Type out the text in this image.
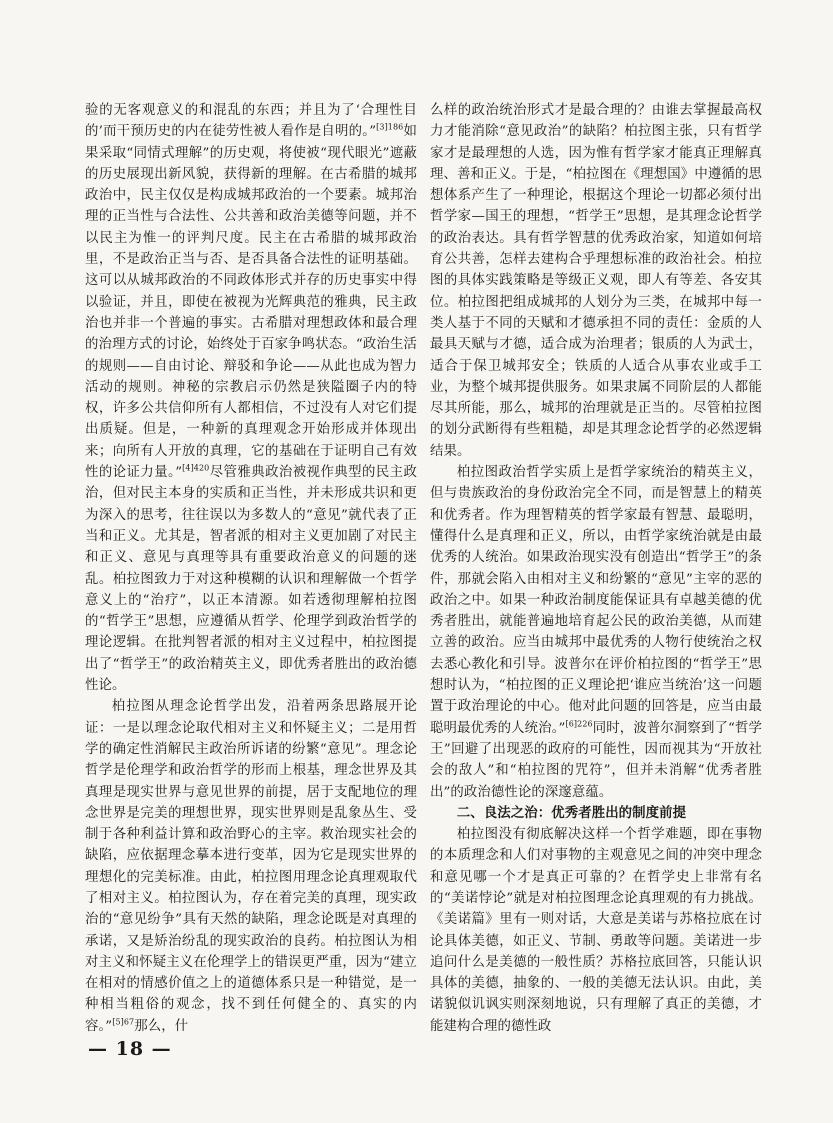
验的无客观意义的和混乱的东西；并且为了‘合理性目的’而干预历史的内在徒劳性被人看作是自明的。”$^{[3]186}$如果采取“同情式理解”的历史观，将使被“现代眼光”遮蔽的历史展现出新风貌，获得新的理解。在古希腊的城邦政治中，民主仅仅是构成城邦政治的一个要素。城邦治理的正当性与合法性、公共善和政治美德等问题，并不以民主为惟一的评判尺度。民主在古希腊的城邦政治里，不是政治正当与否、是否具备合法性的证明基础。这可以从城邦政治的不同政体形式并存的历史事实中得以验证，并且，即使在被视为光辉典范的雅典，民主政治也并非一个普遍的事实。古希腊对理想政体和最合理的治理方式的讨论，始终处于百家争鸣状态。“政治生活的规则——自由讨论、辩驳和争论——从此也成为智力活动的规则。神秘的宗教启示仍然是狭隘圈子内的特权，许多公共信仰所有人都相信，不过没有人对它们提出质疑。但是，一种新的真理观念开始形成并体现出来；向所有人开放的真理，它的基础在于证明自己有效性的论证力量。”$^{[4]420}$尽管雅典政治被视作典型的民主政治，但对民主本身的实质和正当性，并未形成共识和更为深入的思考，往往误以为多数人的“意见”就代表了正当和正义。尤其是，智者派的相对主义更加剧了对民主和正义、意见与真理等具有重要政治意义的问题的迷乱。柏拉图致力于对这种模糊的认识和理解做一个哲学意义上的“治疗”，以正本清源。如若透彻理解柏拉图的“哲学王”思想，应遵循从哲学、伦理学到政治哲学的理论逻辑。在批判智者派的相对主义过程中，柏拉图提出了“哲学王”的政治精英主义，即优秀者胜出的政治德性论。

柏拉图从理念论哲学出发，沿着两条思路展开论证：一是以理念论取代相对主义和怀疑主义；二是用哲学的确定性消解民主政治所诉诸的纷繁“意见”。理念论哲学是伦理学和政治哲学的形而上根基，理念世界及其真理是现实世界与意见世界的前提，居于支配地位的理念世界是完美的理想世界，现实世界则是乱象丛生、受制于各种利益计算和政治野心的主宰。救治现实社会的缺陷，应依据理念摹本进行变革，因为它是现实世界的理想化的完美标准。由此，柏拉图用理念论真理观取代了相对主义。柏拉图认为，存在着完美的真理，现实政治的“意见纷争”具有天然的缺陷，理念论既是对真理的承诺，又是矫治纷乱的现实政治的良药。柏拉图认为相对主义和怀疑主义在伦理学上的错误更严重，因为“建立在相对的情感价值之上的道德体系只是一种错觉，是一种相当粗俗的观念，找不到任何健全的、真实的内容。”$^{[5]67}$那么，什

么样的政治统治形式才是最合理的？由谁去掌握最高权力才能消除“意见政治”的缺陷？柏拉图主张，只有哲学家才是最理想的人选，因为惟有哲学家才能真正理解真理、善和正义。于是，“柏拉图在《理想国》中遵循的思想体系产生了一种理论，根据这个理论一切都必须付出哲学家—国王的理想，“哲学王”思想，是其理念论哲学的政治表达。具有哲学智慧的优秀政治家，知道如何培育公共善，怎样去建构合乎理想标准的政治社会。柏拉图的具体实践策略是等级正义观，即人有等差、各安其位。柏拉图把组成城邦的人划分为三类，在城邦中每一类人基于不同的天赋和才德承担不同的责任：金质的人最具天赋与才德，适合成为治理者；银质的人为武士，适合于保卫城邦安全；铁质的人适合从事农业或手工业，为整个城邦提供服务。如果隶属不同阶层的人都能尽其所能，那么，城邦的治理就是正当的。尽管柏拉图的划分武断得有些粗糙，却是其理念论哲学的必然逻辑结果。

柏拉图政治哲学实质上是哲学家统治的精英主义，但与贵族政治的身份政治完全不同，而是智慧上的精英和优秀者。作为理智精英的哲学家最有智慧、最聪明，懂得什么是真理和正义，所以，由哲学家统治就是由最优秀的人统治。如果政治现实没有创造出“哲学王”的条件，那就会陷入由相对主义和纷繁的“意见”主宰的恶的政治之中。如果一种政治制度能保证具有卓越美德的优秀者胜出，就能普遍地培育起公民的政治美德，从而建立善的政治。应当由城邦中最优秀的人物行使统治之权去悉心教化和引导。波普尔在评价柏拉图的“哲学王”思想时认为，“柏拉图的正义理论把‘谁应当统治’这一问题置于政治理论的中心。他对此问题的回答是，应当由最聪明最优秀的人统治。”$^{[6]226}$同时，波普尔洞察到了“哲学王”回避了出现恶的政府的可能性，因而视其为“开放社会的敌人”和“柏拉图的咒符”，但并未消解“优秀者胜出”的政治德性论的深邃意蕴。

二、良法之治：优秀者胜出的制度前提

柏拉图没有彻底解决这样一个哲学难题，即在事物的本质理念和人们对事物的主观意见之间的冲突中理念和意见哪一个才是真正可靠的？在哲学史上非常有名的“美诺悖论”就是对柏拉图理念论真理观的有力挑战。《美诺篇》里有一则对话，大意是美诺与苏格拉底在讨论具体美德，如正义、节制、勇敢等问题。美诺进一步追问什么是美德的一般性质？苏格拉底回答，只能认识具体的美德，抽象的、一般的美德无法认识。由此，美诺貌似讥讽实则深刻地说，只有理解了真正的美德，才能建构合理的德性政

— 18 —
